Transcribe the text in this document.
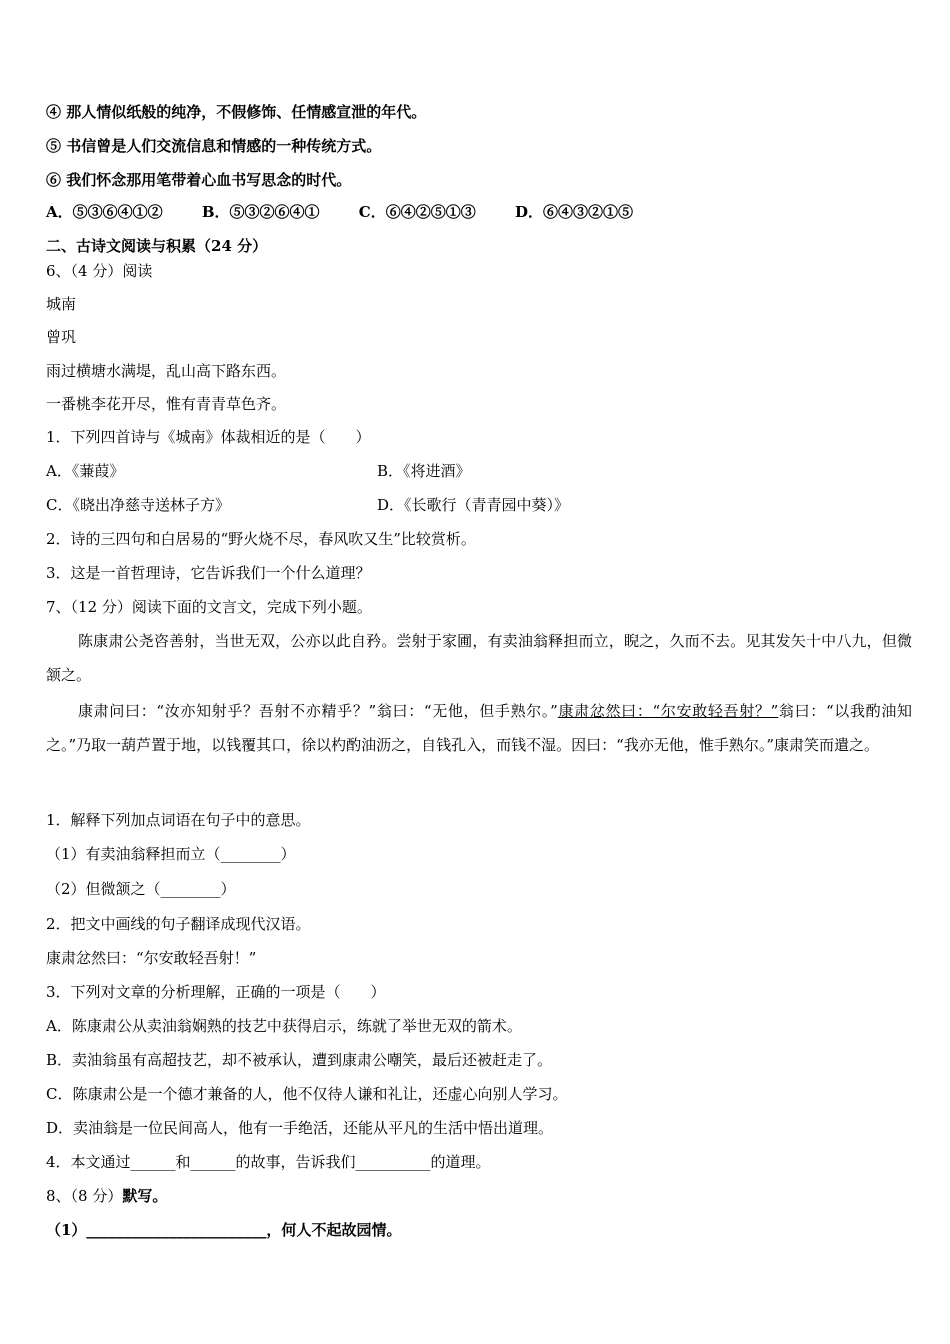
④ 那人情似纸般的纯净，不假修饰、任情感宣泄的年代。
⑤ 书信曾是人们交流信息和情感的一种传统方式。
⑥ 我们怀念那用笔带着心血书写思念的时代。
A．⑤③⑥④①②	B．⑤③②⑥④①	C．⑥④②⑤①③	D．⑥④③②①⑤
二、古诗文阅读与积累（24 分）
6、（4 分）阅读
城南
曾巩
雨过横塘水满堤，乱山高下路东西。
一番桃李花开尽，惟有青青草色齐。
1．下列四首诗与《城南》体裁相近的是（　　）
A．《蒹葭》	B．《将进酒》
C．《晓出净慈寺送林子方》	D．《长歌行（青青园中葵）》
2．诗的三四句和白居易的“野火烧不尽，春风吹又生”比较赏析。
3．这是一首哲理诗，它告诉我们一个什么道理？
7、（12 分）阅读下面的文言文，完成下列小题。
陈康肃公尧咨善射，当世无双，公亦以此自矜。尝射于家圃，有卖油翁释担而立，睨之，久而不去。见其发矢十中八九，但微颔之。
康肃问曰：“汝亦知射乎？吾射不亦精乎？”翁曰：“无他，但手熟尔。”康肃忿然曰：“尔安敢轻吾射？”翁曰：“以我酌油知之。”乃取一葫芦置于地，以钱覆其口，徐以杓酌油沥之，自钱孔入，而钱不湿。因曰：“我亦无他，惟手熟尔。”康肃笑而遣之。
1．解释下列加点词语在句子中的意思。
（1）有卖油翁释担而立（________）
（2）但微颔之（________）
2．把文中画线的句子翻译成现代汉语。
康肃忿然曰：“尔安敢轻吾射！”
3．下列对文章的分析理解，正确的一项是（　　）
A．陈康肃公从卖油翁娴熟的技艺中获得启示，练就了举世无双的箭术。
B．卖油翁虽有高超技艺，却不被承认，遭到康肃公嘲笑，最后还被赶走了。
C．陈康肃公是一个德才兼备的人，他不仅待人谦和礼让，还虚心向别人学习。
D．卖油翁是一位民间高人，他有一手绝活，还能从平凡的生活中悟出道理。
4．本文通过______和______的故事，告诉我们__________的道理。
8、（8 分）默写。
（1）________________________，何人不起故园情。
